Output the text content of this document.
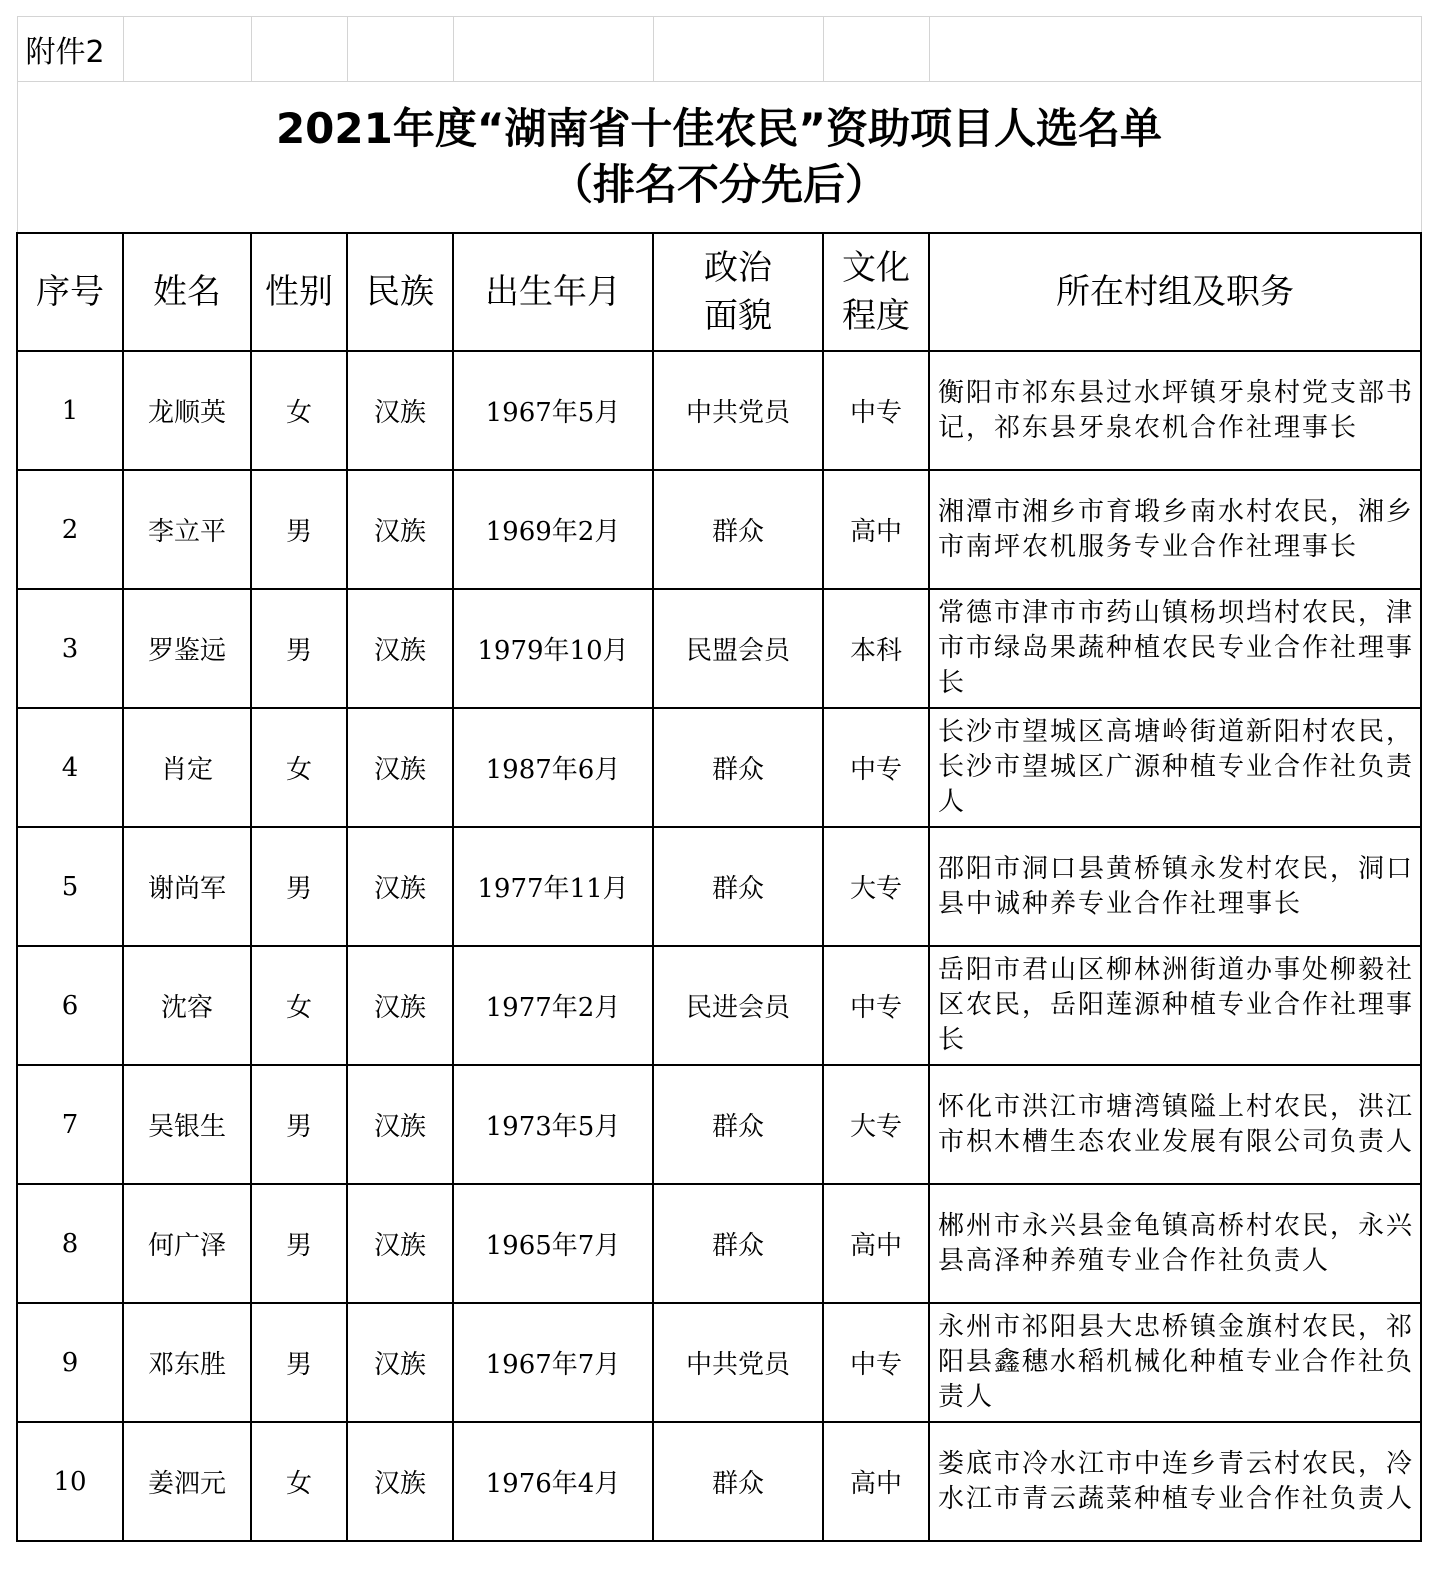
附件2							

2021年度“湖南省十佳农民”资助项目人选名单
（排名不分先后）							

序号	姓名	性别	民族	出生年月	政治面貌	文化程度	所在村组及职务
1	龙顺英	女	汉族	1967年5月	中共党员	中专	衡阳市祁东县过水坪镇牙泉村党支部书记，祁东县牙泉农机合作社理事长
2	李立平	男	汉族	1969年2月	群众	高中	湘潭市湘乡市育塅乡南水村农民，湘乡市南坪农机服务专业合作社理事长
3	罗鉴远	男	汉族	1979年10月	民盟会员	本科	常德市津市市药山镇杨坝垱村农民，津市市绿岛果蔬种植农民专业合作社理事长
4	肖定	女	汉族	1987年6月	群众	中专	长沙市望城区高塘岭街道新阳村农民，长沙市望城区广源种植专业合作社负责人
5	谢尚军	男	汉族	1977年11月	群众	大专	邵阳市洞口县黄桥镇永发村农民，洞口县中诚种养专业合作社理事长
6	沈容	女	汉族	1977年2月	民进会员	中专	岳阳市君山区柳林洲街道办事处柳毅社区农民，岳阳莲源种植专业合作社理事长
7	吴银生	男	汉族	1973年5月	群众	大专	怀化市洪江市塘湾镇隘上村农民，洪江市枳木槽生态农业发展有限公司负责人
8	何广泽	男	汉族	1965年7月	群众	高中	郴州市永兴县金龟镇高桥村农民，永兴县高泽种养殖专业合作社负责人
9	邓东胜	男	汉族	1967年7月	中共党员	中专	永州市祁阳县大忠桥镇金旗村农民，祁阳县鑫穗水稻机械化种植专业合作社负责人
10	姜泗元	女	汉族	1976年4月	群众	高中	娄底市冷水江市中连乡青云村农民，冷水江市青云蔬菜种植专业合作社负责人
